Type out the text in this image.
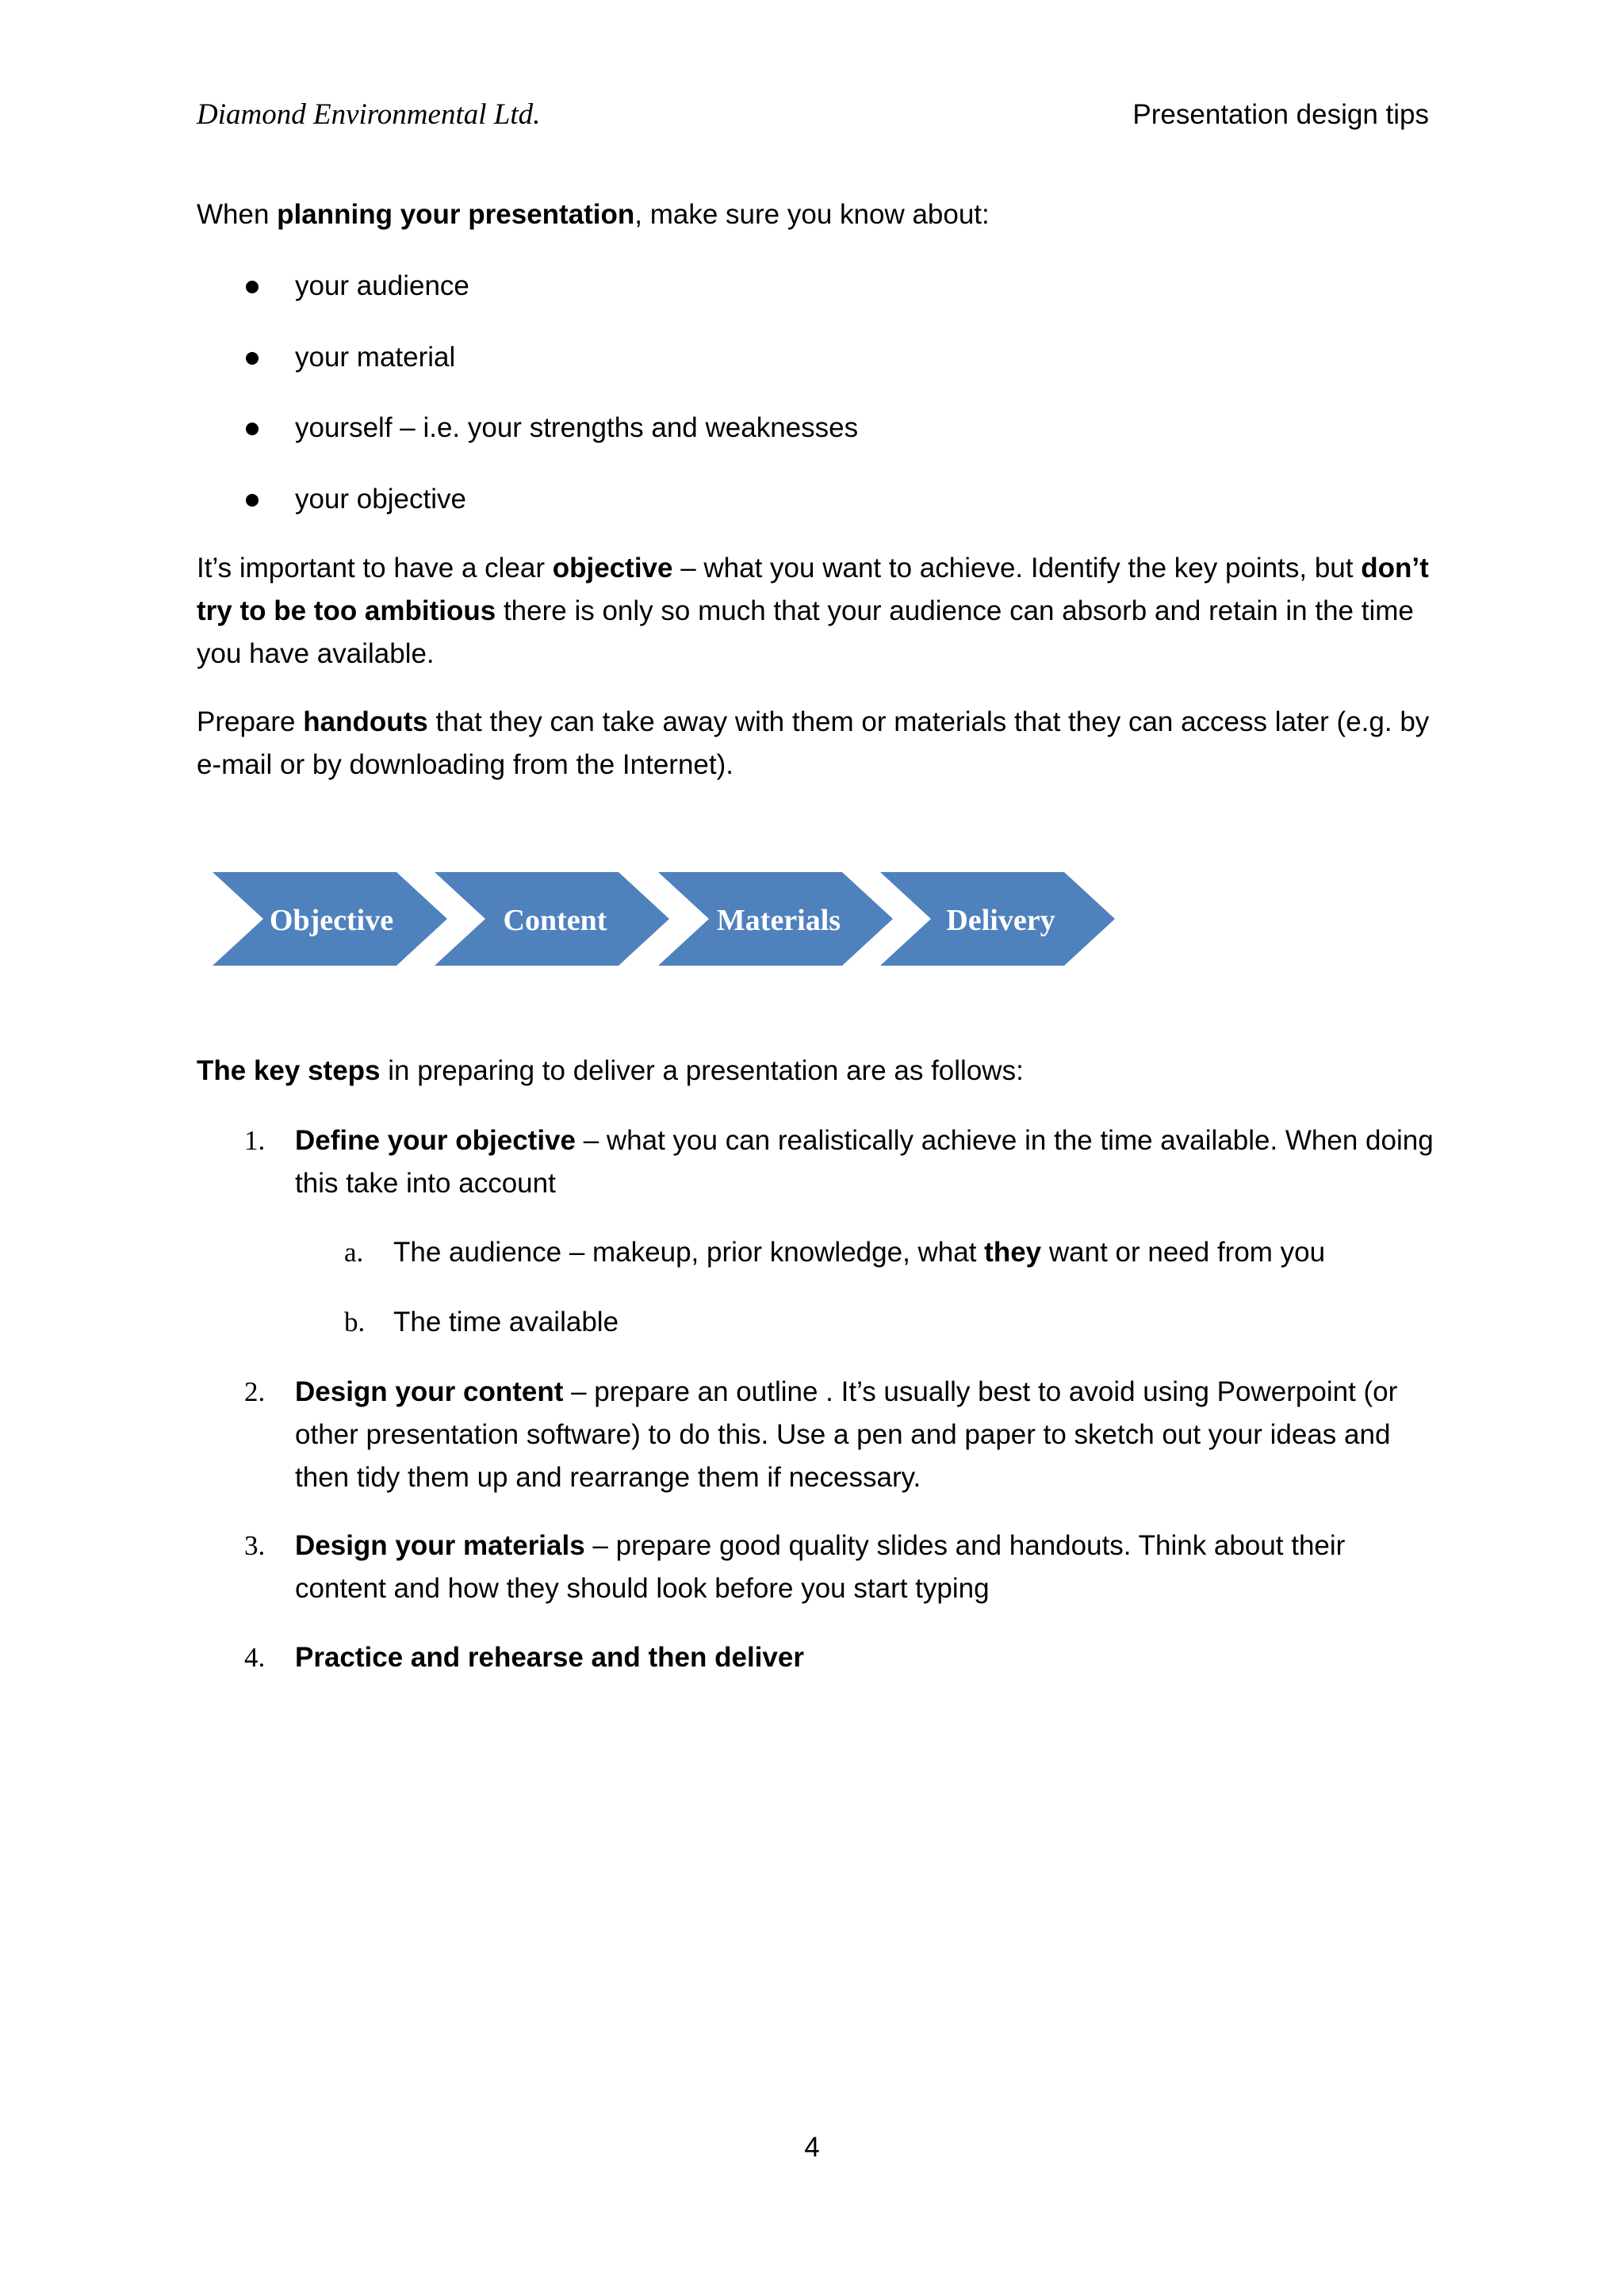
Diamond Environmental Ltd.	Presentation design tips

When planning your presentation, make sure you know about:

your audience

your material

yourself – i.e. your strengths and weaknesses

your objective

It’s important to have a clear objective – what you want to achieve. Identify the key points, but don’t try to be too ambitious there is only so much that your audience can absorb and retain in the time you have available.

Prepare handouts that they can take away with them or materials that they can access later (e.g. by e-mail or by downloading from the Internet).

Objective	Content	Materials	Delivery

The key steps in preparing to deliver a presentation are as follows:

1.	Define your objective – what you can realistically achieve in the time available. When doing this take into account

a.	The audience – makeup, prior knowledge, what they want or need from you

b.	The time available

2.	Design your content – prepare an outline . It’s usually best to avoid using Powerpoint (or other presentation software) to do this. Use a pen and paper to sketch out your ideas and then tidy them up and rearrange them if necessary.

3.	Design your materials – prepare good quality slides and handouts. Think about their content and how they should look before you start typing

4.	Practice and rehearse and then deliver

4
